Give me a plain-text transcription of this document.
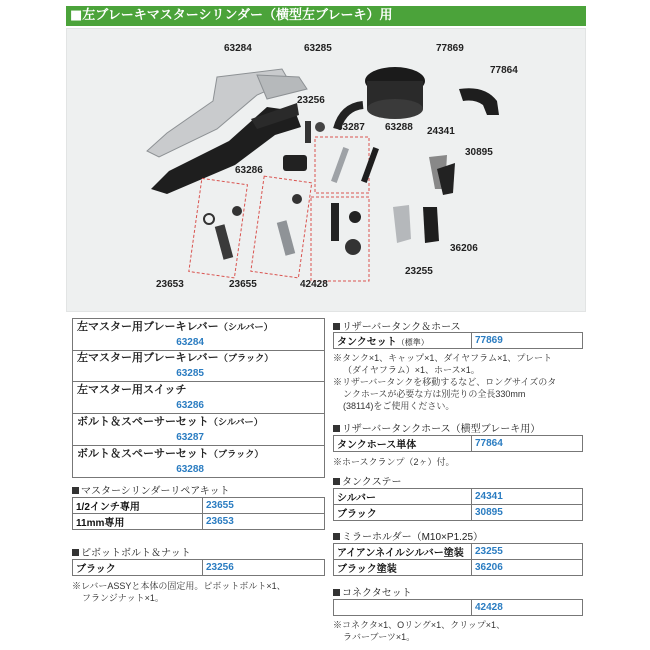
■左ブレーキマスターシリンダー（横型左ブレーキ）用
63284	63285	77869
77864
23256
63287 63288 24341
30895
63286
36206
23255
23653	23655	42428
左マスター用ブレーキレバー（シルバー）
63284
左マスター用ブレーキレバー（ブラック）
63285
左マスター用スイッチ
63286
ボルト＆スペーサーセット（シルバー）
63287
ボルト＆スペーサーセット（ブラック）
63288
マスターシリンダーリペアキット
1/2インチ専用	23655
11mm専用	23653
ピボットボルト＆ナット
ブラック	23256
※レバーASSYと本体の固定用。ピボットボルト×1、
フランジナット×1。
リザーバータンク＆ホース
タンクセット（標準）	77869
※タンク×1、キャップ×1、ダイヤフラム×1、プレート
（ダイヤフラム）×1、ホース×1。
※リザーバータンクを移動するなど、ロングサイズのタ
ンクホースが必要な方は別売りの全長330mm
(38114)をご使用ください。
リザーバータンクホース（横型ブレーキ用）
タンクホース単体	77864
※ホースクランプ（2ヶ）付。
タンクステー
シルバー	24341
ブラック	30895
ミラーホルダー（M10×P1.25）
アイアンネイルシルバー塗装	23255
ブラック塗装	36206
コネクタセット
	42428
※コネクタ×1、Oリング×1、クリップ×1、
ラバーブーツ×1。
